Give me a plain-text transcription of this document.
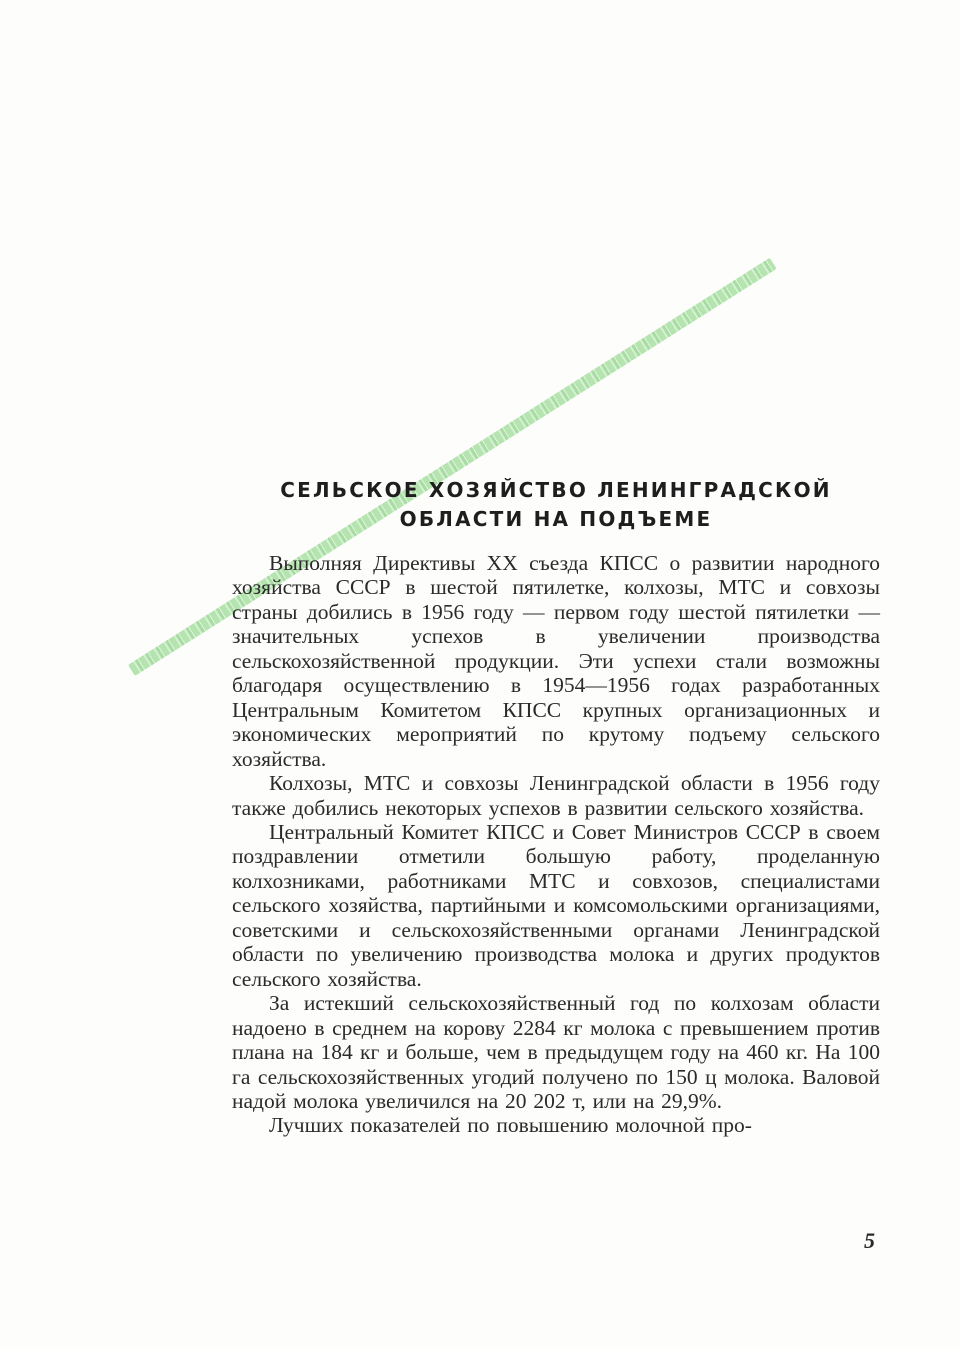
СЕЛЬСКОЕ ХОЗЯЙСТВО ЛЕНИНГРАДСКОЙ
ОБЛАСТИ НА ПОДЪЕМЕ

Выполняя Директивы XX съезда КПСС о развитии народного хозяйства СССР в шестой пятилетке, колхозы, МТС и совхозы страны добились в 1956 году — первом году шестой пятилетки — значительных успехов в увеличении производства сельскохозяйственной продукции. Эти успехи стали возможны благодаря осуществлению в 1954—1956 годах разработанных Центральным Комитетом КПСС крупных организационных и экономических мероприятий по крутому подъему сельского хозяйства.

Колхозы, МТС и совхозы Ленинградской области в 1956 году также добились некоторых успехов в развитии сельского хозяйства.

Центральный Комитет КПСС и Совет Министров СССР в своем поздравлении отметили большую работу, проделанную колхозниками, работниками МТС и совхозов, специалистами сельского хозяйства, партийными и комсомольскими организациями, советскими и сельскохозяйственными органами Ленинградской области по увеличению производства молока и других продуктов сельского хозяйства.

За истекший сельскохозяйственный год по колхозам области надоено в среднем на корову 2284 кг молока с превышением против плана на 184 кг и больше, чем в предыдущем году на 460 кг. На 100 га сельскохозяйственных угодий получено по 150 ц молока. Валовой надой молока увеличился на 20 202 т, или на 29,9%.

Лучших показателей по повышению молочной про-

5
